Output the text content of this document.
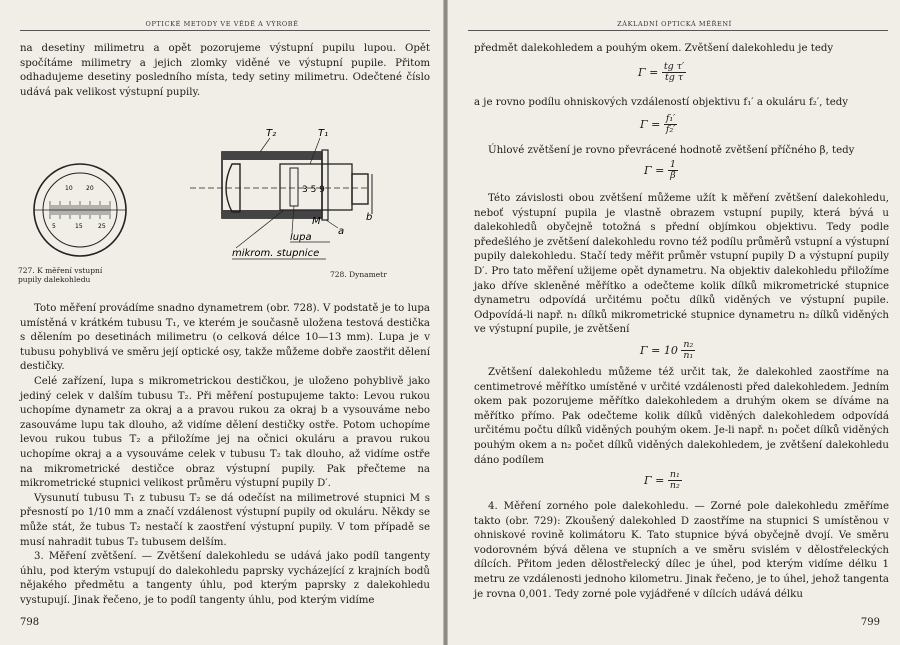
OPTICKÉ METODY VE VĚDĚ A VÝROBĚ

na desetiny milimetru a opět pozorujeme výstupní pupilu lupou. Opět spočítáme milimetry a jejich zlomky viděné ve výstupní pupile. Přitom odhadujeme desetiny posledního místa, tedy setiny milimetru. Odečtené číslo udává pak velikost výstupní pupily.

10 20
5	15	25
727. K měření vstupní pupily dalekohledu
3 5 9
T₂	T₁
M	b
a
lupa
mikrom. stupnice
728. Dynametr

Toto měření provádíme snadno dynametrem (obr. 728). V podstatě je to lupa umístěná v krátkém tubusu T₁, ve kterém je současně uložena testová destička s dělením po desetinách milimetru (o celková délce 10—13 mm). Lupa je v tubusu pohyblivá ve směru její optické osy, takže můžeme dobře zaostřit dělení destičky.

Celé zařízení, lupa s mikrometrickou destičkou, je uloženo pohyblivě jako jediný celek v dalším tubusu T₂. Při měření postupujeme takto: Levou rukou uchopíme dynametr za okraj a a pravou rukou za okraj b a vysouváme nebo zasouváme lupu tak dlouho, až vidíme dělení destičky ostře. Potom uchopíme levou rukou tubus T₂ a přiložíme jej na očnici okuláru a pravou rukou uchopíme okraj a a vysouváme celek v tubusu T₂ tak dlouho, až vidíme ostře na mikrometrické destičce obraz výstupní pupily. Pak přečteme na mikrometrické stupnici velikost průměru výstupní pupily D′.

Vysunutí tubusu T₁ z tubusu T₂ se dá odečíst na milimetrové stupnici M s přesností po 1/10 mm a značí vzdálenost výstupní pupily od okuláru. Někdy se může stát, že tubus T₂ nestačí k zaostření výstupní pupily. V tom případě se musí nahradit tubus T₂ tubusem delším.

3. Měření zvětšení. — Zvětšení dalekohledu se udává jako podíl tangenty úhlu, pod kterým vstupují do dalekohledu paprsky vycházející z krajních bodů nějakého předmětu a tangenty úhlu, pod kterým paprsky z dalekohledu vystupují. Jinak řečeno, je to podíl tangenty úhlu, pod kterým vidíme

798
ZÁKLADNÍ OPTICKÁ MĚŘENÍ

předmět dalekohledem a pouhým okem. Zvětšení dalekohledu je tedy

$\Gamma = \frac{\text{tg τ′}}{\text{tg τ}}$

a je rovno podílu ohniskových vzdáleností objektivu f₁′ a okuláru f₂′, tedy

$\Gamma = \frac{\text{f₁′}}{\text{f₂′}}$

Úhlové zvětšení je rovno převrácené hodnotě zvětšení příčného β, tedy

$\Gamma = \frac{1}{\beta}$

Této závislosti obou zvětšení můžeme užít k měření zvětšení dalekohledu, neboť výstupní pupila je vlastně obrazem vstupní pupily, která bývá u dalekohledů obyčejně totožná s přední objímkou objektivu. Tedy podle předešlého je zvětšení dalekohledu rovno též podílu průměrů vstupní a výstupní pupily dalekohledu. Stačí tedy měřit průměr vstupní pupily D a výstupní pupily D′. Pro tato měření užijeme opět dynametru. Na objektiv dalekohledu přiložíme jako dříve skleněné měřítko a odečteme kolik dílků mikrometrické stupnice dynametru odpovídá určitému počtu dílků viděných ve výstupní pupile. Odpovídá-li např. n₁ dílků mikrometrické stupnice dynametru n₂ dílků viděných ve výstupní pupile, je zvětšení

$\Gamma = 10 \frac{\text{n₂}}{\text{n₁}}$

Zvětšení dalekohledu můžeme též určit tak, že dalekohled zaostříme na centimetrové měřítko umístěné v určité vzdálenosti před dalekohledem. Jedním okem pak pozorujeme měřítko dalekohledem a druhým okem se díváme na měřítko přímo. Pak odečteme kolik dílků viděných dalekohledem odpovídá určitému počtu dílků viděných pouhým okem. Je-li např. n₁ počet dílků viděných pouhým okem a n₂ počet dílků viděných dalekohledem, je zvětšení dalekohledu dáno podílem

$\Gamma = \frac{\text{n₁}}{\text{n₂}}$

4. Měření zorného pole dalekohledu. — Zorné pole dalekohledu změříme takto (obr. 729): Zkoušený dalekohled D zaostříme na stupnici S umístěnou v ohniskové rovině kolimátoru K. Tato stupnice bývá obyčejně dvojí. Ve směru vodorovném bývá dělena ve stupních a ve směru svislém v dělostřeleckých dílcích. Přitom jeden dělostřelecký dílec je úhel, pod kterým vidíme délku 1 metru ze vzdálenosti jednoho kilometru. Jinak řečeno, je to úhel, jehož tangenta je rovna 0,001. Tedy zorné pole vyjádřené v dílcích udává délku

799
